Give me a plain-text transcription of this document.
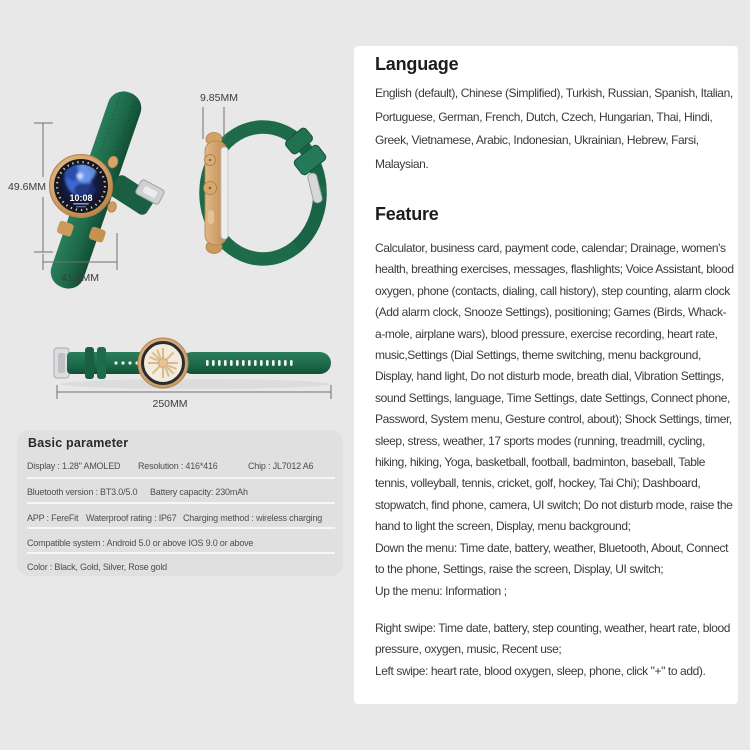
10:08
49.6MM
41.6MM
9.85MM
250MM
Basic parameter
Display : 1.28" AMOLED Resolution : 416*416	Chip : JL7012 A6
Bluetooth version : BT3.0/5.0 Battery capacity: 230mAh
APP : FereFit Waterproof rating : IP67 Charging method : wireless charging
Compatible system : Android 5.0 or above IOS 9.0 or above
Color : Black, Gold, Silver, Rose gold
Language

English (default), Chinese (Simplified), Turkish, Russian, Spanish, Italian, Portuguese, German, French, Dutch, Czech, Hungarian, Thai, Hindi, Greek, Vietnamese, Arabic, Indonesian, Ukrainian, Hebrew, Farsi, Malaysian.

Feature

Calculator, business card, payment code, calendar; Drainage, women's health, breathing exercises, messages, flashlights; Voice Assistant, blood oxygen, phone (contacts, dialing, call history), step counting, alarm clock (Add alarm clock, Snooze Settings), positioning; Games (Birds, Whack-a-mole, airplane wars), blood pressure, exercise recording, heart rate, music,Settings (Dial Settings, theme switching, menu background, Display, hand light, Do not disturb mode, breath dial, Vibration Settings, sound Settings, language, Time Settings, date Settings, Connect phone, Password, System menu, Gesture control, about); Shock Settings, timer, sleep, stress, weather, 17 sports modes (running, treadmill, cycling, hiking, hiking, Yoga, basketball, football, badminton, baseball, Table tennis, volleyball, tennis, cricket, golf, hockey, Tai Chi); Dashboard, stopwatch, find phone, camera, UI switch; Do not disturb mode, raise the hand to light the screen, Display, menu background;

Down the menu: Time date, battery, weather, Bluetooth, About, Connect to the phone, Settings, raise the screen, Display, UI switch;

Up the menu: Information ;

Right swipe: Time date, battery, step counting, weather, heart rate, blood pressure, oxygen, music, Recent use;

Left swipe: heart rate, blood oxygen, sleep, phone, click "+" to add).
